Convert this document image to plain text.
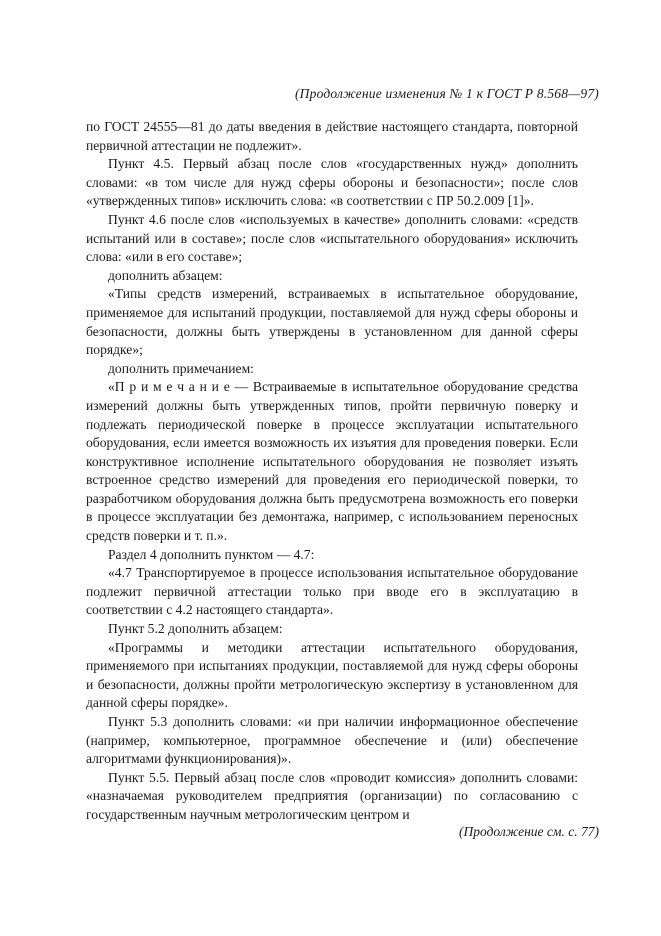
(Продолжение изменения № 1 к ГОСТ Р 8.568—97)

по ГОСТ 24555—81 до даты введения в действие настоящего стандарта, повторной первичной аттестации не подлежит».

Пункт 4.5. Первый абзац после слов «государственных нужд» дополнить словами: «в том числе для нужд сферы обороны и безопасности»; после слов «утвержденных типов» исключить слова: «в соответствии с ПР 50.2.009 [1]».

Пункт 4.6 после слов «используемых в качестве» дополнить словами: «средств испытаний или в составе»; после слов «испытательного оборудования» исключить слова: «или в его составе»;

дополнить абзацем:

«Типы средств измерений, встраиваемых в испытательное оборудование, применяемое для испытаний продукции, поставляемой для нужд сферы обороны и безопасности, должны быть утверждены в установленном для данной сферы порядке»;

дополнить примечанием:

«П р и м е ч а н и е — Встраиваемые в испытательное оборудование средства измерений должны быть утвержденных типов, пройти первичную поверку и подлежать периодической поверке в процессе эксплуатации испытательного оборудования, если имеется возможность их изъятия для проведения поверки. Если конструктивное исполнение испытательного оборудования не позволяет изъять встроенное средство измерений для проведения его периодической поверки, то разработчиком оборудования должна быть предусмотрена возможность его поверки в процессе эксплуатации без демонтажа, например, с использованием переносных средств поверки и т. п.».

Раздел 4 дополнить пунктом — 4.7:

«4.7 Транспортируемое в процессе использования испытательное оборудование подлежит первичной аттестации только при вводе его в эксплуатацию в соответствии с 4.2 настоящего стандарта».

Пункт 5.2 дополнить абзацем:

«Программы и методики аттестации испытательного оборудования, применяемого при испытаниях продукции, поставляемой для нужд сферы обороны и безопасности, должны пройти метрологическую экспертизу в установленном для данной сферы порядке».

Пункт 5.3 дополнить словами: «и при наличии информационное обеспечение (например, компьютерное, программное обеспечение и (или) обеспечение алгоритмами функционирования)».

Пункт 5.5. Первый абзац после слов «проводит комиссия» дополнить словами: «назначаемая руководителем предприятия (организации) по согласованию с государственным научным метрологическим центром и

(Продолжение см. с. 77)
